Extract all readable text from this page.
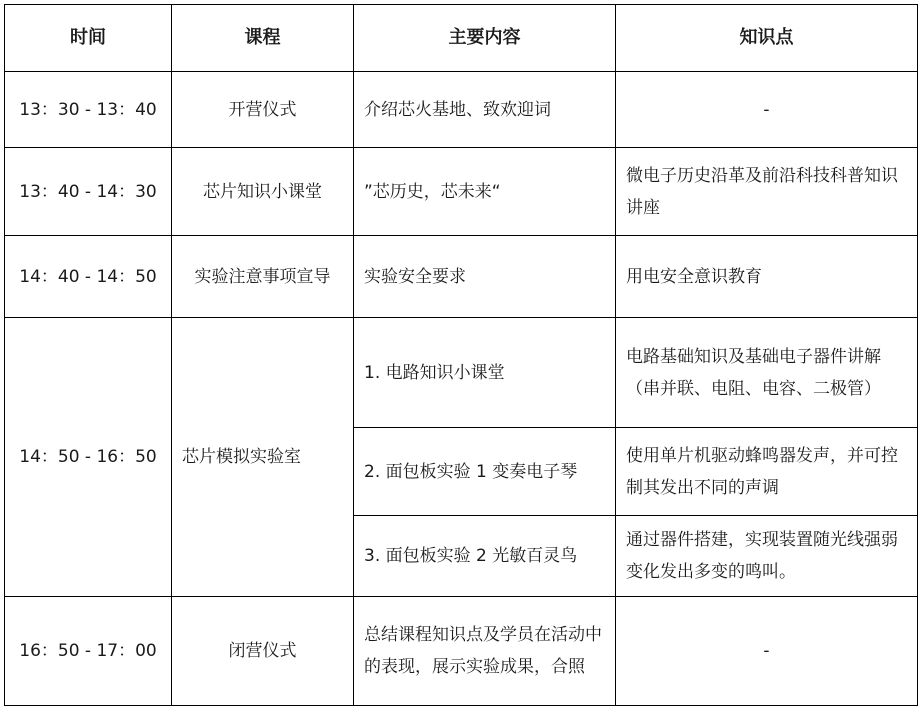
时间	课程	主要内容	知识点
13：30 - 13：40	开营仪式	介绍芯火基地、致欢迎词	-
13：40 - 14：30	芯片知识小课堂	”芯历史，芯未来“	微电子历史沿革及前沿科技科普知识讲座
14：40 - 14：50	实验注意事项宣导	实验安全要求	用电安全意识教育
14：50 - 16：50	芯片模拟实验室	1. 电路知识小课堂	电路基础知识及基础电子器件讲解（串并联、电阻、电容、二极管）
		2. 面包板实验 1 变奏电子琴	使用单片机驱动蜂鸣器发声，并可控制其发出不同的声调
		3. 面包板实验 2 光敏百灵鸟	通过器件搭建，实现装置随光线强弱变化发出多变的鸣叫。
16：50 - 17：00	闭营仪式	总结课程知识点及学员在活动中的表现，展示实验成果，合照	-
